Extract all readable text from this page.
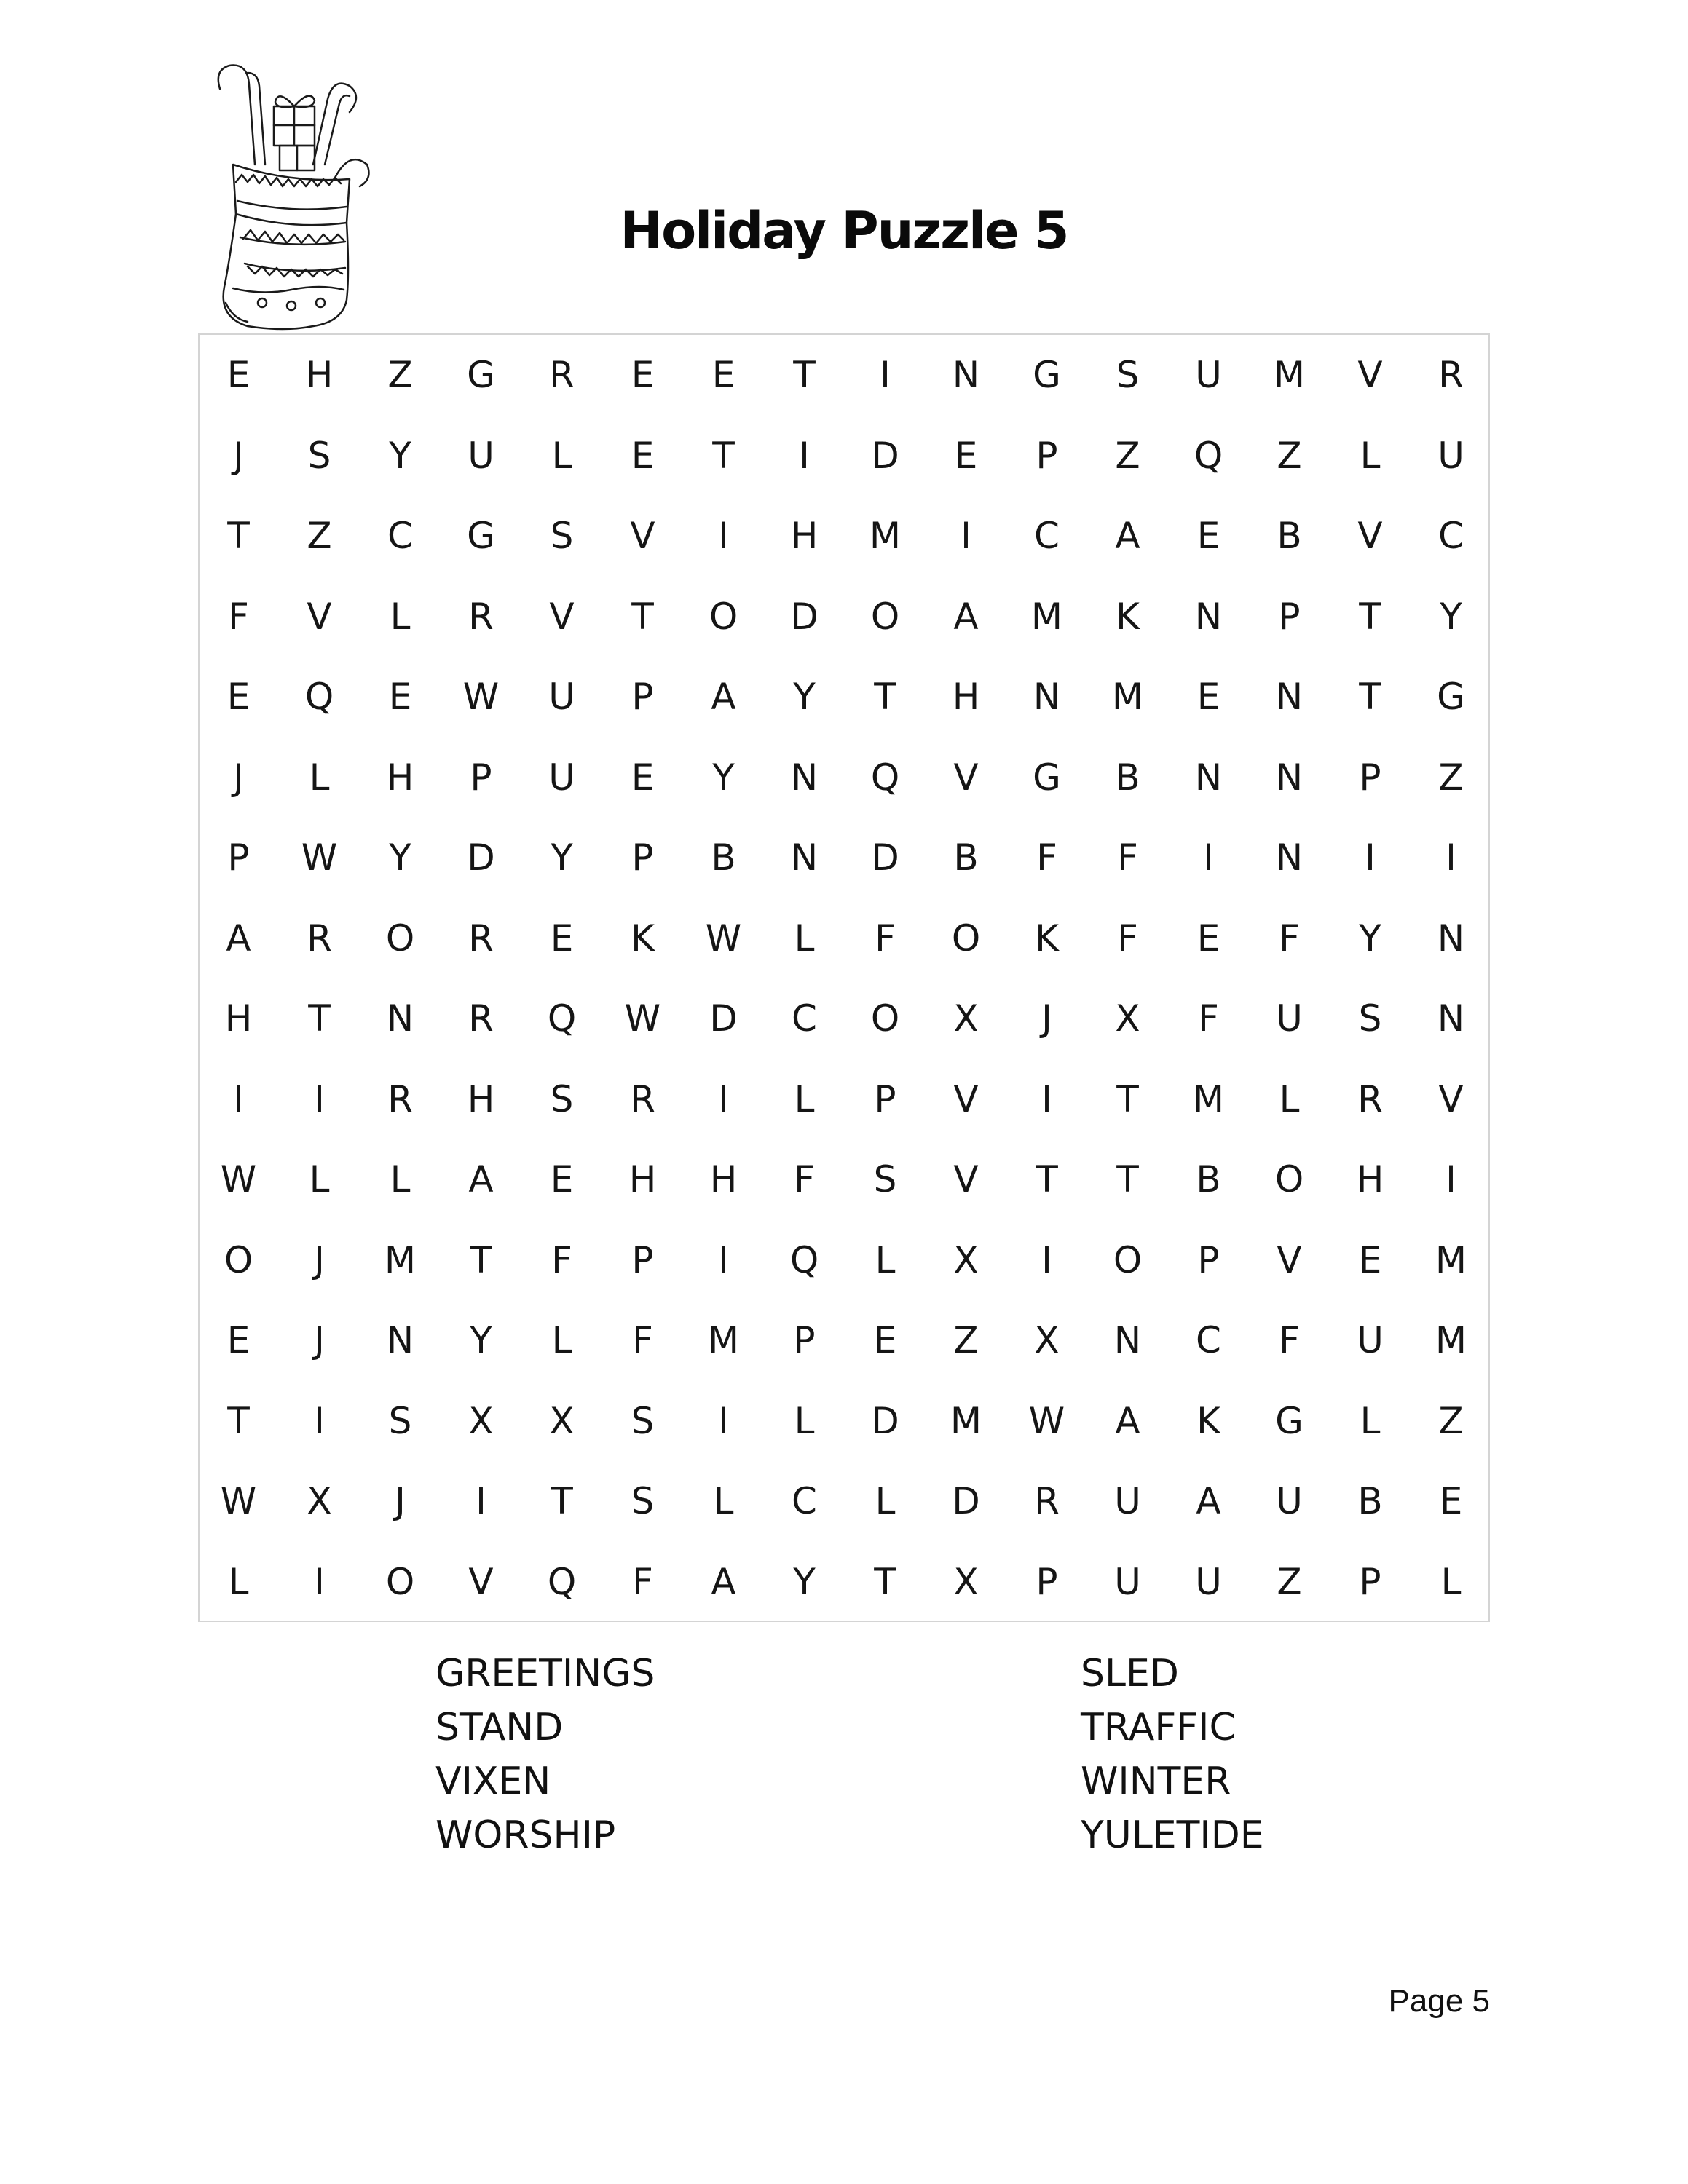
Holiday Puzzle 5
E	H	Z	G	R	E	E	T	I	N	G	S	U	M	V	R
J	S	Y	U	L	E	T	I	D	E	P	Z	Q	Z	L	U
T	Z	C	G	S	V	I	H	M	I	C	A	E	B	V	C
F	V	L	R	V	T	O	D	O	A	M	K	N	P	T	Y
E	Q	E	W	U	P	A	Y	T	H	N	M	E	N	T	G
J	L	H	P	U	E	Y	N	Q	V	G	B	N	N	P	Z
P	W	Y	D	Y	P	B	N	D	B	F	F	I	N	I	I
A	R	O	R	E	K	W	L	F	O	K	F	E	F	Y	N
H	T	N	R	Q	W	D	C	O	X	J	X	F	U	S	N
I	I	R	H	S	R	I	L	P	V	I	T	M	L	R	V
W	L	L	A	E	H	H	F	S	V	T	T	B	O	H	I
O	J	M	T	F	P	I	Q	L	X	I	O	P	V	E	M
E	J	N	Y	L	F	M	P	E	Z	X	N	C	F	U	M
T	I	S	X	X	S	I	L	D	M	W	A	K	G	L	Z
W	X	J	I	T	S	L	C	L	D	R	U	A	U	B	E
L	I	O	V	Q	F	A	Y	T	X	P	U	U	Z	P	L
GREETINGS
STAND
VIXEN
WORSHIP
SLED
TRAFFIC
WINTER
YULETIDE
Page 5
